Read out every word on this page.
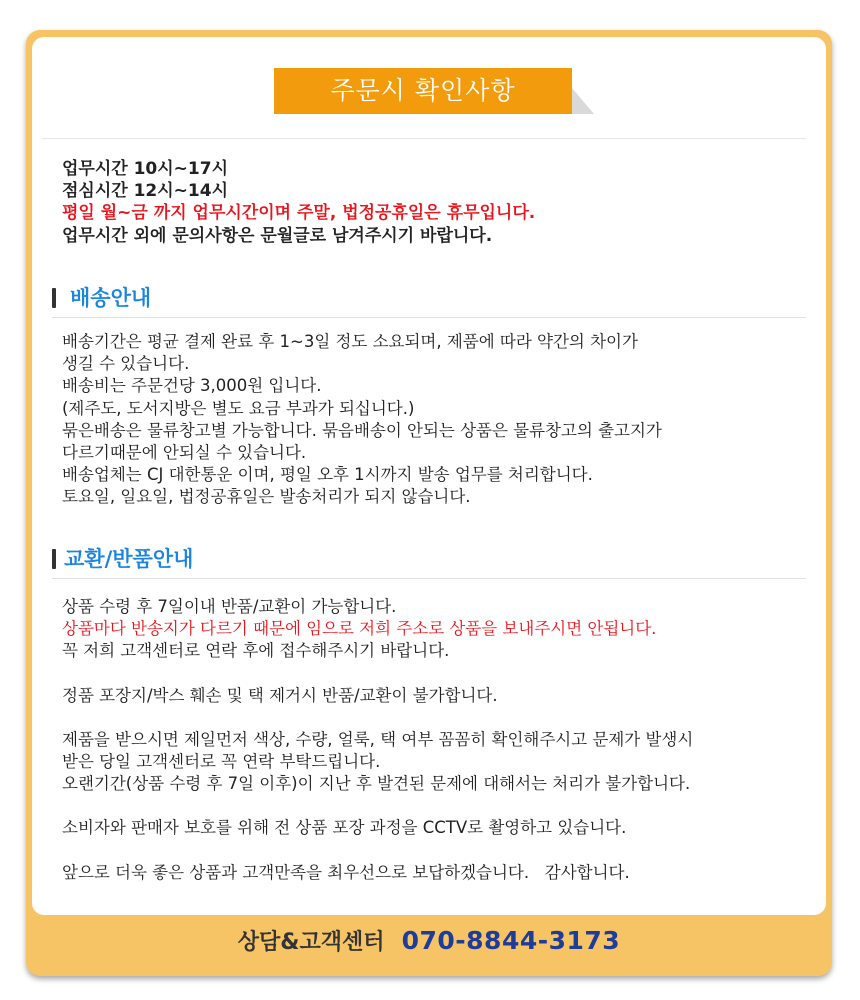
주문시 확인사항
업무시간 10시~17시
점심시간 12시~14시
평일 월~금 까지 업무시간이며 주말, 법정공휴일은 휴무입니다.
업무시간 외에 문의사항은 문월글로 남겨주시기 바랍니다.
배송안내
배송기간은 평균 결제 완료 후 1~3일 정도 소요되며, 제품에 따라 약간의 차이가
생길 수 있습니다.
배송비는 주문건당 3,000원 입니다.
(제주도, 도서지방은 별도 요금 부과가 되십니다.)
묶은배송은 물류창고별 가능합니다. 묶음배송이 안되는 상품은 물류창고의 출고지가
다르기때문에 안되실 수 있습니다.
배송업체는 CJ 대한통운 이며, 평일 오후 1시까지 발송 업무를 처리합니다.
토요일, 일요일, 법정공휴일은 발송처리가 되지 않습니다.
교환/반품안내
상품 수령 후 7일이내 반품/교환이 가능합니다.
상품마다 반송지가 다르기 때문에 임으로 저희 주소로 상품을 보내주시면 안됩니다.
꼭 저희 고객센터로 연락 후에 접수해주시기 바랍니다.
정품 포장지/박스 훼손 및 택 제거시 반품/교환이 불가합니다.
제품을 받으시면 제일먼저 색상, 수량, 얼룩, 택 여부 꼼꼼히 확인해주시고 문제가 발생시
받은 당일 고객센터로 꼭 연락 부탁드립니다.
오랜기간(상품 수령 후 7일 이후)이 지난 후 발견된 문제에 대해서는 처리가 불가합니다.
소비자와 판매자 보호를 위해 전 상품 포장 과정을 CCTV로 촬영하고 있습니다.
앞으로 더욱 좋은 상품과 고객만족을 최우선으로 보답하겠습니다.   감사합니다.
상담&고객센터 070-8844-3173
